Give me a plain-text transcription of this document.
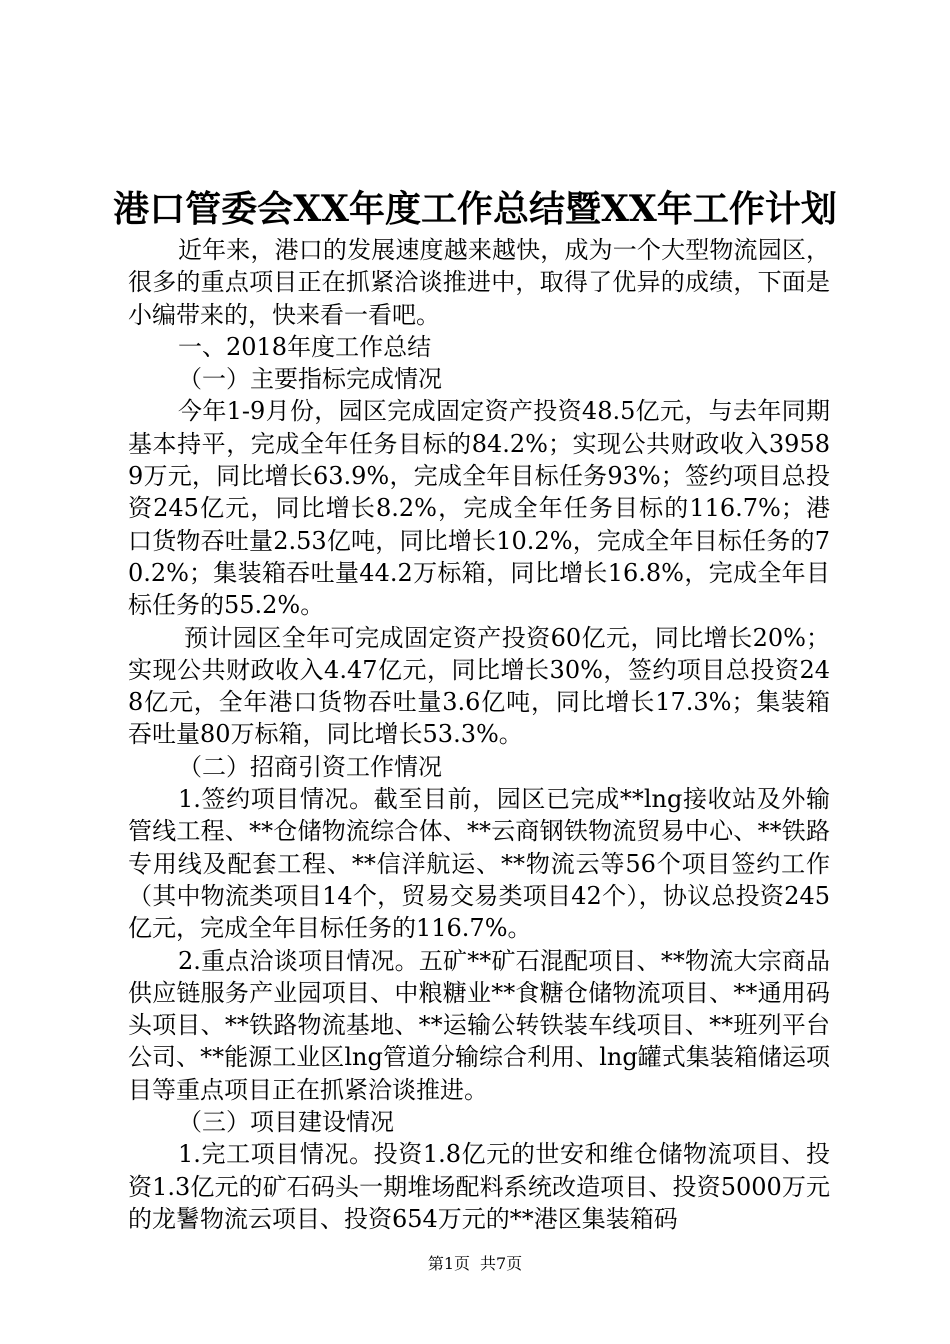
港口管委会XX年度工作总结暨XX年工作计划

近年来，港口的发展速度越来越快，成为一个大型物流园区，很多的重点项目正在抓紧洽谈推进中，取得了优异的成绩，下面是小编带来的，快来看一看吧。

一、2018年度工作总结

（一）主要指标完成情况

今年1-9月份，园区完成固定资产投资48.5亿元，与去年同期基本持平，完成全年任务目标的84.2%；实现公共财政收入39589万元，同比增长63.9%，完成全年目标任务93%；签约项目总投资245亿元，同比增长8.2%，完成全年任务目标的116.7%；港口货物吞吐量2.53亿吨，同比增长10.2%，完成全年目标任务的70.2%；集装箱吞吐量44.2万标箱，同比增长16.8%，完成全年目标任务的55.2%。

预计园区全年可完成固定资产投资60亿元，同比增长20%；实现公共财政收入4.47亿元，同比增长30%，签约项目总投资248亿元，全年港口货物吞吐量3.6亿吨，同比增长17.3%；集装箱吞吐量80万标箱，同比增长53.3%。

（二）招商引资工作情况

1.签约项目情况。截至目前，园区已完成**lng接收站及外输管线工程、**仓储物流综合体、**云商钢铁物流贸易中心、**铁路专用线及配套工程、**信洋航运、**物流云等56个项目签约工作（其中物流类项目14个，贸易交易类项目42个），协议总投资245亿元，完成全年目标任务的116.7%。

2.重点洽谈项目情况。五矿**矿石混配项目、**物流大宗商品供应链服务产业园项目、中粮糖业**食糖仓储物流项目、**通用码头项目、**铁路物流基地、**运输公转铁装车线项目、**班列平台公司、**能源工业区lng管道分输综合利用、lng罐式集装箱储运项目等重点项目正在抓紧洽谈推进。

（三）项目建设情况

1.完工项目情况。投资1.8亿元的世安和维仓储物流项目、投资1.3亿元的矿石码头一期堆场配料系统改造项目、投资5000万元的龙鬐物流云项目、投资654万元的**港区集装箱码

第1页 共7页
